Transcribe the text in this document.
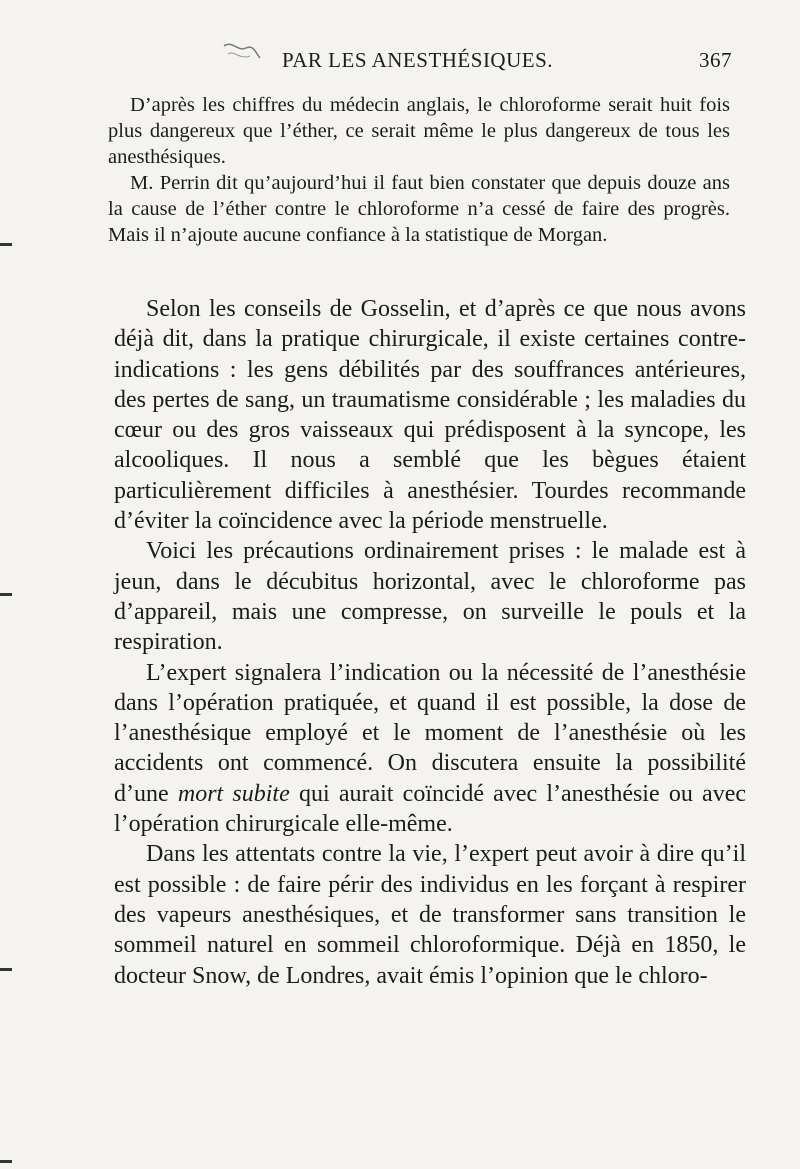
PAR LES ANESTHÉSIQUES.	367

D’après les chiffres du médecin anglais, le chloroforme serait huit fois plus dangereux que l’éther, ce serait même le plus dangereux de tous les anesthésiques.

M. Perrin dit qu’aujourd’hui il faut bien constater que depuis douze ans la cause de l’éther contre le chloroforme n’a cessé de faire des progrès. Mais il n’ajoute aucune confiance à la statistique de Morgan.

Selon les conseils de Gosselin, et d’après ce que nous avons déjà dit, dans la pratique chirurgicale, il existe certaines contre-indications : les gens débilités par des souffrances antérieures, des pertes de sang, un traumatisme considérable ; les maladies du cœur ou des gros vaisseaux qui prédisposent à la syncope, les alcooliques. Il nous a semblé que les bègues étaient particulièrement difficiles à anesthésier. Tourdes recommande d’éviter la coïncidence avec la période menstruelle.

Voici les précautions ordinairement prises : le malade est à jeun, dans le décubitus horizontal, avec le chloroforme pas d’appareil, mais une compresse, on surveille le pouls et la respiration.

L’expert signalera l’indication ou la nécessité de l’anesthésie dans l’opération pratiquée, et quand il est possible, la dose de l’anesthésique employé et le moment de l’anesthésie où les accidents ont commencé. On discutera ensuite la possibilité d’une mort subite qui aurait coïncidé avec l’anesthésie ou avec l’opération chirurgicale elle-même.

Dans les attentats contre la vie, l’expert peut avoir à dire qu’il est possible : de faire périr des individus en les forçant à respirer des vapeurs anesthésiques, et de transformer sans transition le sommeil naturel en sommeil chloroformique. Déjà en 1850, le docteur Snow, de Londres, avait émis l’opinion que le chloro-
